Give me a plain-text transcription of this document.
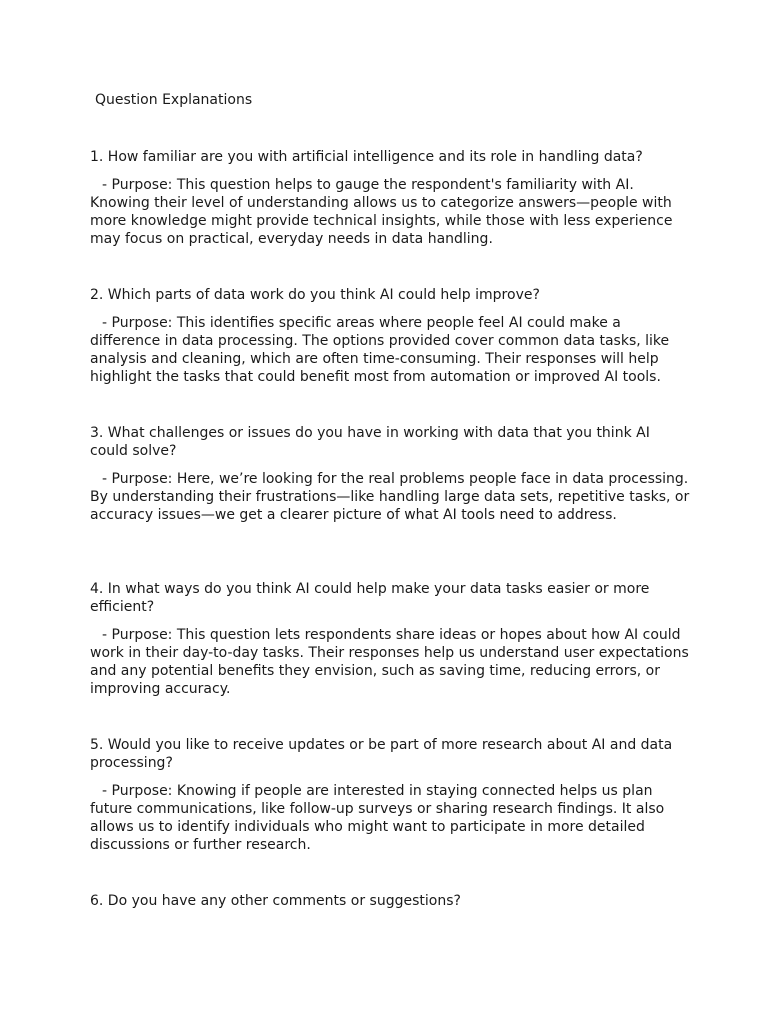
Question Explanations

1. How familiar are you with artificial intelligence and its role in handling data?

- Purpose: This question helps to gauge the respondent's familiarity with AI. Knowing their level of understanding allows us to categorize answers—people with more knowledge might provide technical insights, while those with less experience may focus on practical, everyday needs in data handling.

2. Which parts of data work do you think AI could help improve?

- Purpose: This identifies specific areas where people feel AI could make a difference in data processing. The options provided cover common data tasks, like analysis and cleaning, which are often time-consuming. Their responses will help highlight the tasks that could benefit most from automation or improved AI tools.

3. What challenges or issues do you have in working with data that you think AI could solve?

- Purpose: Here, we’re looking for the real problems people face in data processing. By understanding their frustrations—like handling large data sets, repetitive tasks, or accuracy issues—we get a clearer picture of what AI tools need to address.

4. In what ways do you think AI could help make your data tasks easier or more efficient?

- Purpose: This question lets respondents share ideas or hopes about how AI could work in their day-to-day tasks. Their responses help us understand user expectations and any potential benefits they envision, such as saving time, reducing errors, or improving accuracy.

5. Would you like to receive updates or be part of more research about AI and data processing?

- Purpose: Knowing if people are interested in staying connected helps us plan future communications, like follow-up surveys or sharing research findings. It also allows us to identify individuals who might want to participate in more detailed discussions or further research.

6. Do you have any other comments or suggestions?
